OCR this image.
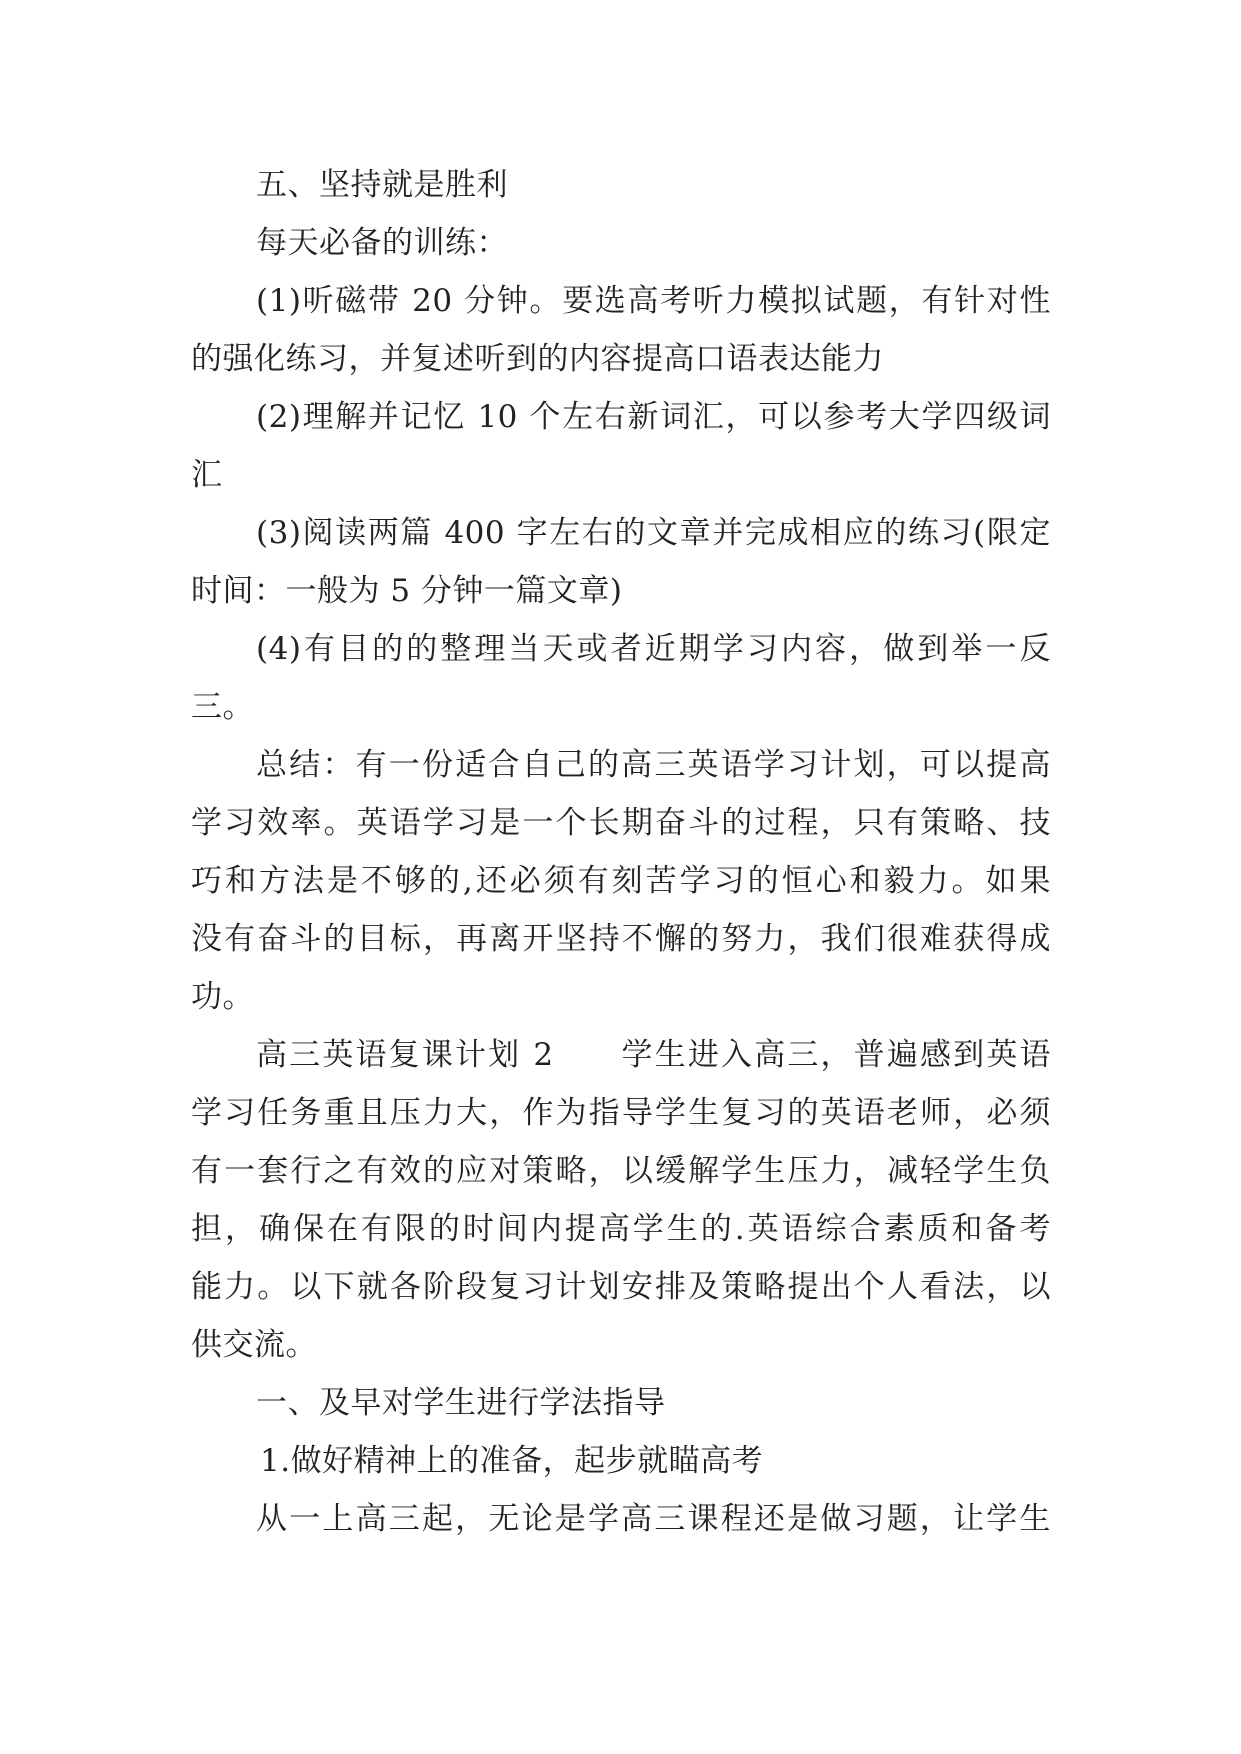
五、坚持就是胜利
每天必备的训练：
(1)听磁带 20 分钟。要选高考听力模拟试题，有针对性
的强化练习，并复述听到的内容提高口语表达能力
(2)理解并记忆 10 个左右新词汇，可以参考大学四级词
汇
(3)阅读两篇 400 字左右的文章并完成相应的练习(限定
时间：一般为 5 分钟一篇文章)
(4)有目的的整理当天或者近期学习内容，做到举一反
三。
总结：有一份适合自己的高三英语学习计划，可以提高
学习效率。英语学习是一个长期奋斗的过程，只有策略、技
巧和方法是不够的,还必须有刻苦学习的恒心和毅力。如果
没有奋斗的目标，再离开坚持不懈的努力，我们很难获得成
功。
高三英语复课计划 2　　学生进入高三，普遍感到英语
学习任务重且压力大，作为指导学生复习的英语老师，必须
有一套行之有效的应对策略，以缓解学生压力，减轻学生负
担，确保在有限的时间内提高学生的.英语综合素质和备考
能力。以下就各阶段复习计划安排及策略提出个人看法，以
供交流。
一、及早对学生进行学法指导
1.做好精神上的准备，起步就瞄高考
从一上高三起，无论是学高三课程还是做习题，让学生
